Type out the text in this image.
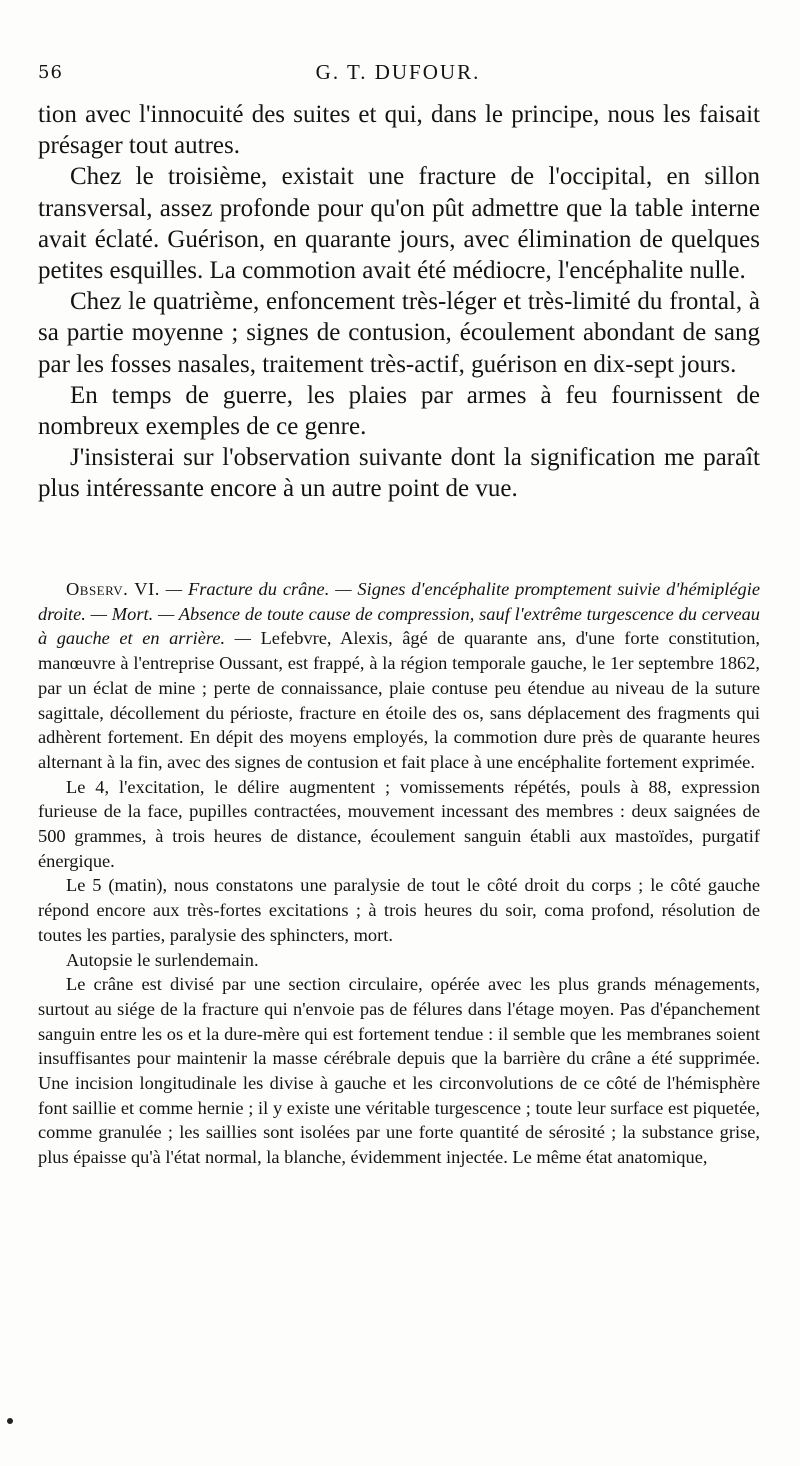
56	G. T. DUFOUR.

tion avec l'innocuité des suites et qui, dans le principe, nous les faisait présager tout autres.

Chez le troisième, existait une fracture de l'occipital, en sillon transversal, assez profonde pour qu'on pût admettre que la table interne avait éclaté. Guérison, en quarante jours, avec élimination de quelques petites esquilles. La commotion avait été médiocre, l'encéphalite nulle.

Chez le quatrième, enfoncement très-léger et très-limité du frontal, à sa partie moyenne ; signes de contusion, écoulement abondant de sang par les fosses nasales, traitement très-actif, guérison en dix-sept jours.

En temps de guerre, les plaies par armes à feu fournissent de nombreux exemples de ce genre.

J'insisterai sur l'observation suivante dont la signification me paraît plus intéressante encore à un autre point de vue.

Observ. VI. — Fracture du crâne. — Signes d'encéphalite promptement suivie d'hémiplégie droite. — Mort. — Absence de toute cause de compression, sauf l'extrême turgescence du cerveau à gauche et en arrière. — Lefebvre, Alexis, âgé de quarante ans, d'une forte constitution, manœuvre à l'entreprise Oussant, est frappé, à la région temporale gauche, le 1er septembre 1862, par un éclat de mine ; perte de connaissance, plaie contuse peu étendue au niveau de la suture sagittale, décollement du périoste, fracture en étoile des os, sans déplacement des fragments qui adhèrent fortement. En dépit des moyens employés, la commotion dure près de quarante heures alternant à la fin, avec des signes de contusion et fait place à une encéphalite fortement exprimée.

Le 4, l'excitation, le délire augmentent ; vomissements répétés, pouls à 88, expression furieuse de la face, pupilles contractées, mouvement incessant des membres : deux saignées de 500 grammes, à trois heures de distance, écoulement sanguin établi aux mastoïdes, purgatif énergique.

Le 5 (matin), nous constatons une paralysie de tout le côté droit du corps ; le côté gauche répond encore aux très-fortes excitations ; à trois heures du soir, coma profond, résolution de toutes les parties, paralysie des sphincters, mort.

Autopsie le surlendemain.

Le crâne est divisé par une section circulaire, opérée avec les plus grands ménagements, surtout au siége de la fracture qui n'envoie pas de félures dans l'étage moyen. Pas d'épanchement sanguin entre les os et la dure-mère qui est fortement tendue : il semble que les membranes soient insuffisantes pour maintenir la masse cérébrale depuis que la barrière du crâne a été supprimée. Une incision longitudinale les divise à gauche et les circonvolutions de ce côté de l'hémisphère font saillie et comme hernie ; il y existe une véritable turgescence ; toute leur surface est piquetée, comme granulée ; les saillies sont isolées par une forte quantité de sérosité ; la substance grise, plus épaisse qu'à l'état normal, la blanche, évidemment injectée. Le même état anatomique,
